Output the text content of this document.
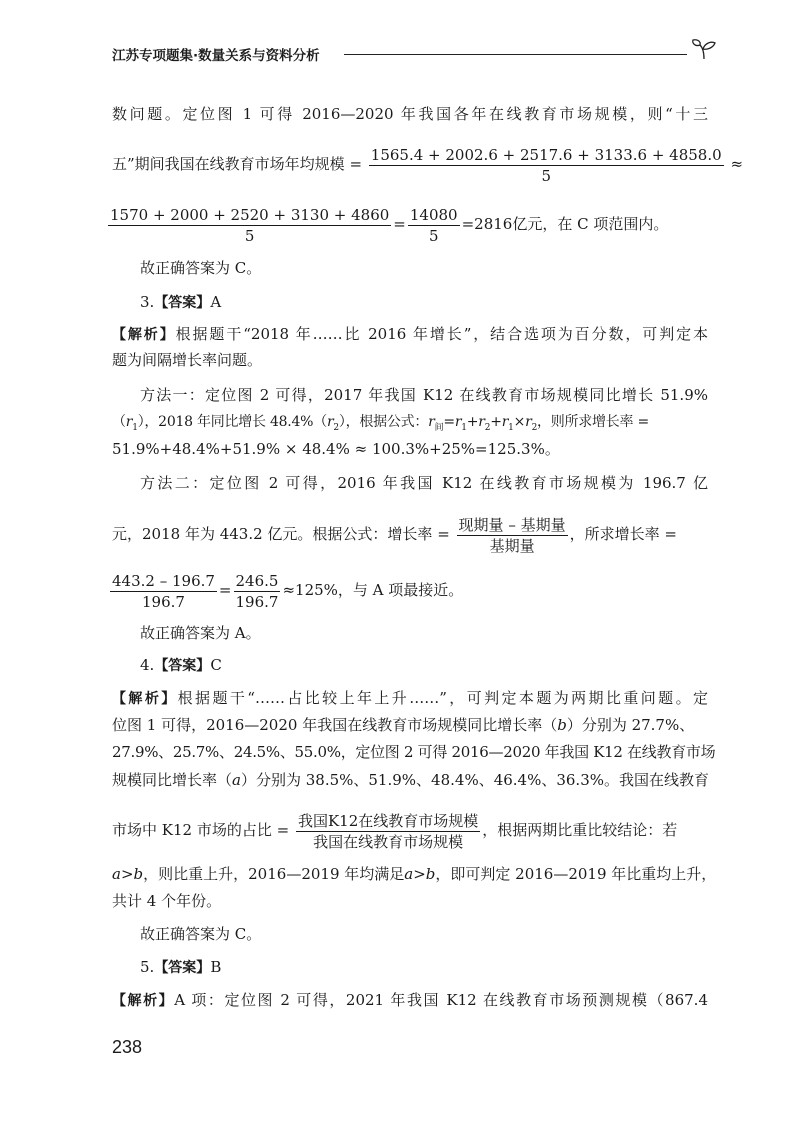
江苏专项题集·数量关系与资料分析
数问题。定位图 1 可得 2016—2020 年我国各年在线教育市场规模，则“十三
五”期间我国在线教育市场年均规模 = $\frac{1565.4 + 2002.6 + 2517.6 + 3133.6 + 4858.0}{5}$ ≈
$\frac{1570 + 2000 + 2520 + 3130 + 4860}{5} = \frac{14080}{5} =2816$亿元，在 C 项范围内。
故正确答案为 C。
3.【答案】A
【解析】根据题干“2018 年……比 2016 年增长”，结合选项为百分数，可判定本
题为间隔增长率问题。
方法一：定位图 2 可得，2017 年我国 K12 在线教育市场规模同比增长 51.9%
$(r_1)$，2018 年同比增长 $48.4\%(r_2)$，根据公式：$r_间=r_1+r_2+r_1\times r_2$，则所求增长率 =
51.9%+48.4%+51.9% × 48.4% ≈ 100.3%+25%=125.3%。
方法二：定位图 2 可得，2016 年我国 K12 在线教育市场规模为 196.7 亿
元，2018 年为 443.2 亿元。根据公式：增长率 = $\frac{\text{现期量 – 基期量}}{\text{基期量}}$ ，所求增长率 =
$\frac{443.2 - 196.7}{196.7} = \frac{246.5}{196.7} \approx 125\%$，与 A 项最接近。
故正确答案为 A。
4.【答案】C
【解析】根据题干“……占比较上年上升……”，可判定本题为两期比重问题。定
位图 1 可得，2016—2020 年我国在线教育市场规模同比增长率（b）分别为 27.7%、
27.9%、25.7%、24.5%、55.0%，定位图 2 可得 2016—2020 年我国 K12 在线教育市场
规模同比增长率（a）分别为 38.5%、51.9%、48.4%、46.4%、36.3%。我国在线教育
市场中 K12 市场的占比 = $\frac{\text{我国K12在线教育市场规模}}{\text{我国在线教育市场规模}}$ ，根据两期比重比较结论：若
a>b，则比重上升，2016—2019 年均满足a>b，即可判定 2016—2019 年比重均上升，
共计 4 个年份。
故正确答案为 C。
5.【答案】B
【解析】A 项：定位图 2 可得，2021 年我国 K12 在线教育市场预测规模（867.4
238
